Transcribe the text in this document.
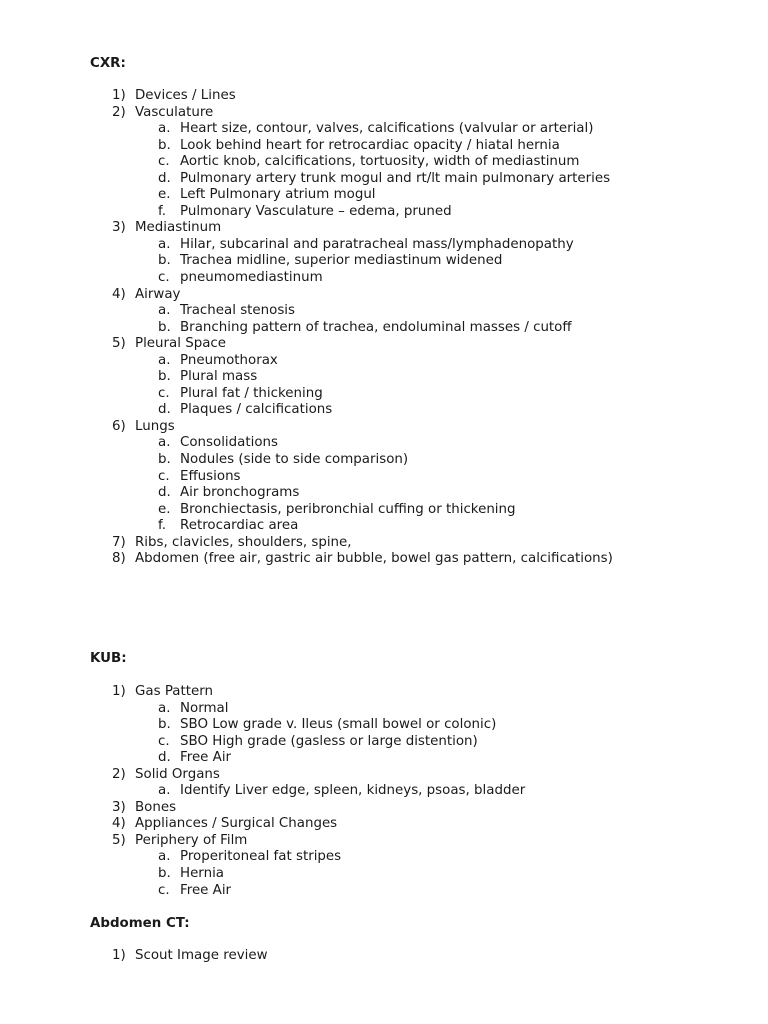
CXR:
1) Devices / Lines
2) Vasculature
a. Heart size, contour, valves, calcifications (valvular or arterial)
b. Look behind heart for retrocardiac opacity / hiatal hernia
c. Aortic knob, calcifications, tortuosity, width of mediastinum
d. Pulmonary artery trunk mogul and rt/lt main pulmonary arteries
e. Left Pulmonary atrium mogul
f. Pulmonary Vasculature – edema, pruned
3) Mediastinum
a. Hilar, subcarinal and paratracheal mass/lymphadenopathy
b. Trachea midline, superior mediastinum widened
c. pneumomediastinum
4) Airway
a. Tracheal stenosis
b. Branching pattern of trachea, endoluminal masses / cutoff
5) Pleural Space
a. Pneumothorax
b. Plural mass
c. Plural fat / thickening
d. Plaques / calcifications
6) Lungs
a. Consolidations
b. Nodules (side to side comparison)
c. Effusions
d. Air bronchograms
e. Bronchiectasis, peribronchial cuffing or thickening
f. Retrocardiac area
7) Ribs, clavicles, shoulders, spine,
8) Abdomen (free air, gastric air bubble, bowel gas pattern, calcifications)
KUB:
1) Gas Pattern
a. Normal
b. SBO Low grade v. Ileus (small bowel or colonic)
c. SBO High grade (gasless or large distention)
d. Free Air
2) Solid Organs
a. Identify Liver edge, spleen, kidneys, psoas, bladder
3) Bones
4) Appliances / Surgical Changes
5) Periphery of Film
a. Properitoneal fat stripes
b. Hernia
c. Free Air
Abdomen CT:
1) Scout Image review
